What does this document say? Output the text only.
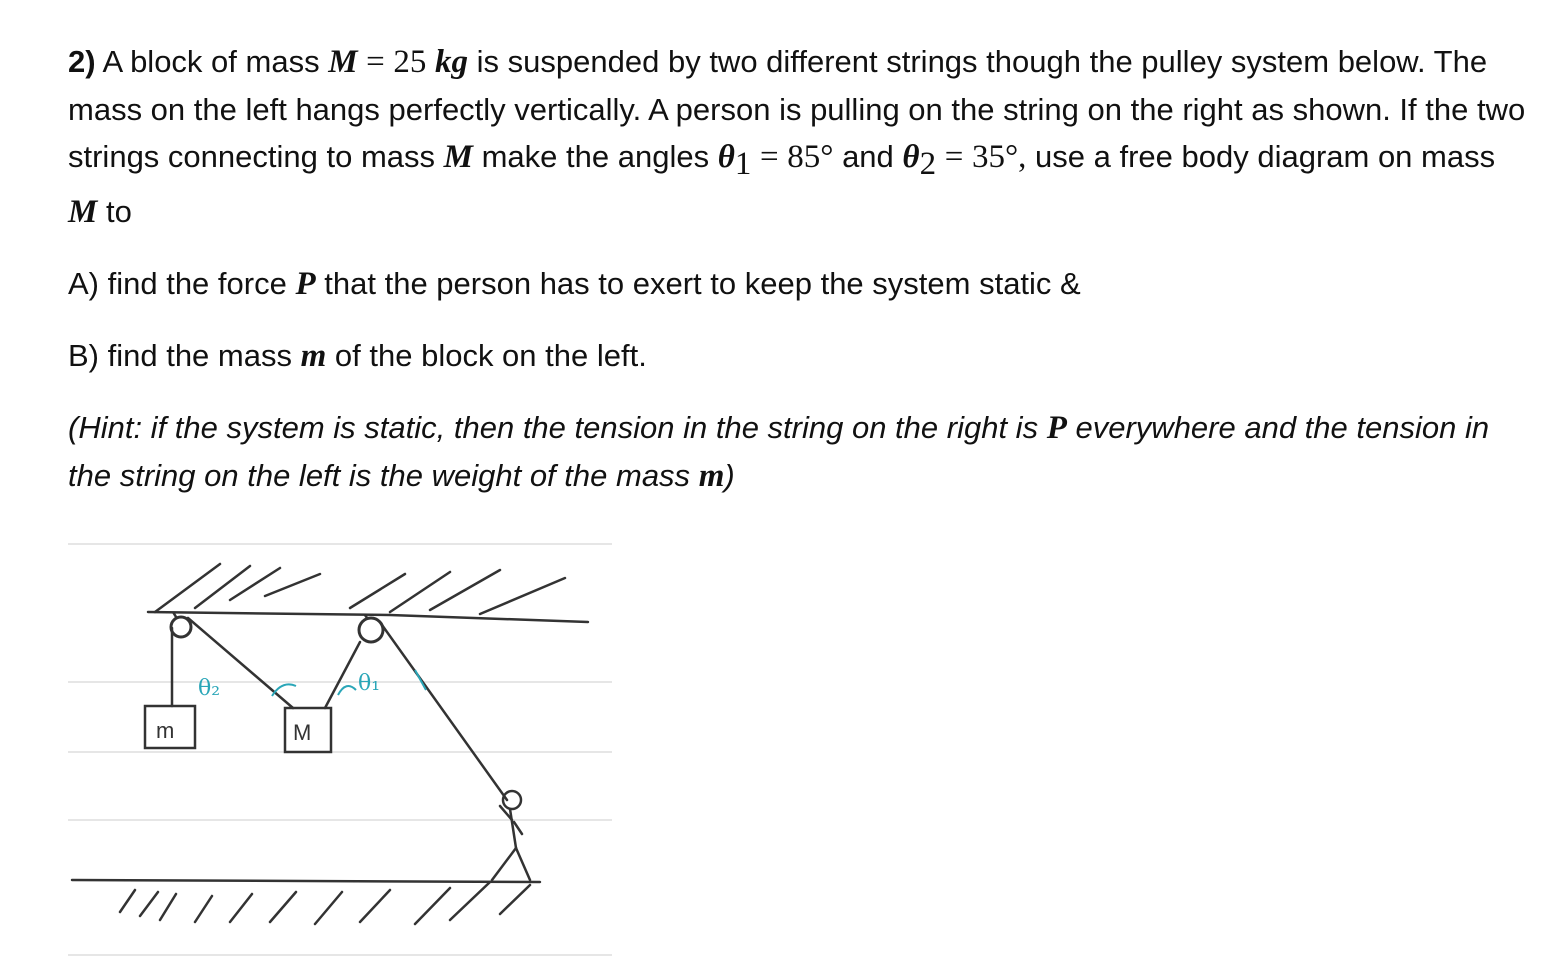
2) A block of mass M = 25 kg is suspended by two different strings though the pulley system below. The mass on the left hangs perfectly vertically. A person is pulling on the string on the right as shown. If the two strings connecting to mass M make the angles $\theta_1 = 85^\circ$ and $\theta_2 = 35^\circ$, use a free body diagram on mass M to

A) find the force P that the person has to exert to keep the system static &

B) find the mass m of the block on the left.

(Hint: if the system is static, then the tension in the string on the right is P everywhere and the tension in the string on the left is the weight of the mass m)

m	M
θ₂	θ₁
